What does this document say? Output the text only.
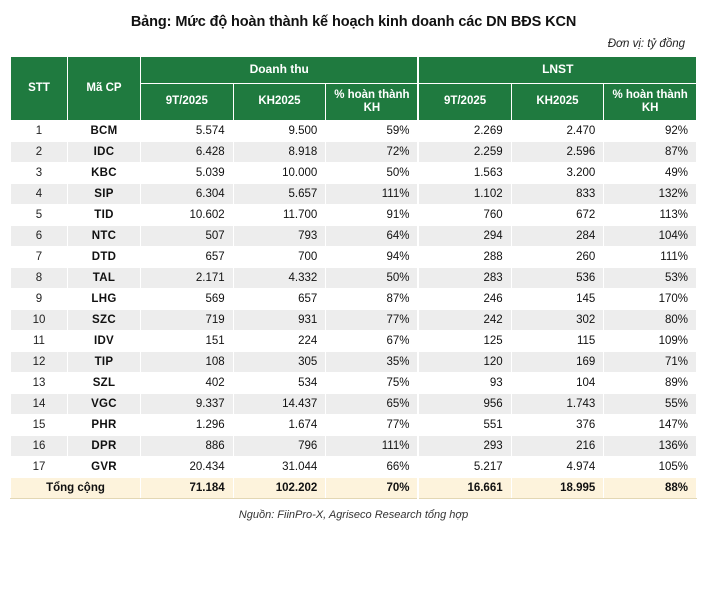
Bảng: Mức độ hoàn thành kế hoạch kinh doanh các DN BĐS KCN
Đơn vị: tỷ đồng
STT	Mã CP	Doanh thu			LNST		
		9T/2025	KH2025	% hoàn thành KH	9T/2025	KH2025	% hoàn thành KH
1	BCM	5.574	9.500	59%	2.269	2.470	92%
2	IDC	6.428	8.918	72%	2.259	2.596	87%
3	KBC	5.039	10.000	50%	1.563	3.200	49%
4	SIP	6.304	5.657	111%	1.102	833	132%
5	TID	10.602	11.700	91%	760	672	113%
6	NTC	507	793	64%	294	284	104%
7	DTD	657	700	94%	288	260	111%
8	TAL	2.171	4.332	50%	283	536	53%
9	LHG	569	657	87%	246	145	170%
10	SZC	719	931	77%	242	302	80%
11	IDV	151	224	67%	125	115	109%
12	TIP	108	305	35%	120	169	71%
13	SZL	402	534	75%	93	104	89%
14	VGC	9.337	14.437	65%	956	1.743	55%
15	PHR	1.296	1.674	77%	551	376	147%
16	DPR	886	796	111%	293	216	136%
17	GVR	20.434	31.044	66%	5.217	4.974	105%
Tổng cộng		71.184	102.202	70%	16.661	18.995	88%
Nguồn: FiinPro-X, Agriseco Research tổng hợp
